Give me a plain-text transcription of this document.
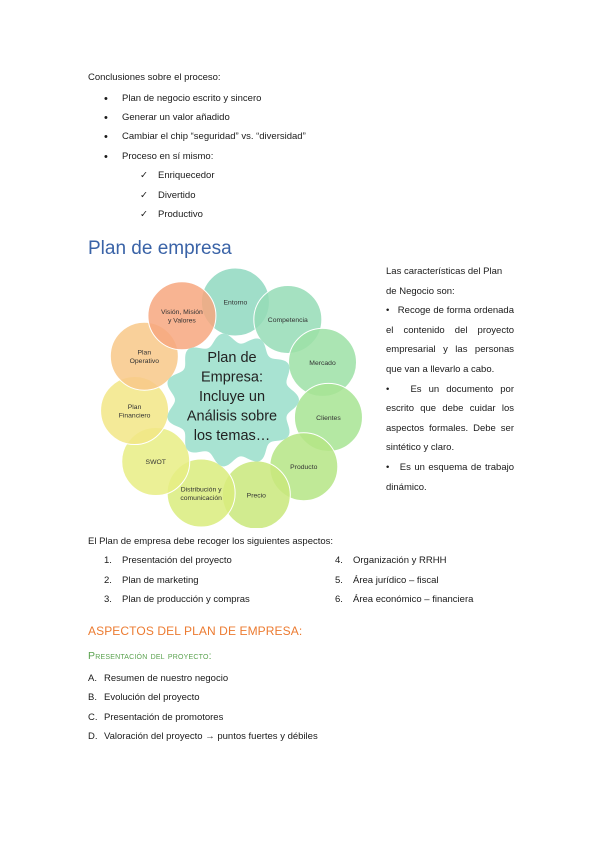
Conclusiones sobre el proceso:
• Plan de negocio escrito y sincero
• Generar un valor añadido
• Cambiar el chip “seguridad” vs. “diversidad”
• Proceso en sí mismo:
✓ Enriquecedor
✓ Divertido
✓ Productivo
Plan de empresa
Plan de
Empresa:
Incluye un
Análisis sobre
los temas…
Entorno
Competencia
Mercado
Clientes
Producto
Precio
Distribución y
comunicación
SWOT
Plan
Financiero
Plan
Operativo
Visión, Misión
y Valores

Las características del Plan de Negocio son:

• Recoge de forma ordenada el contenido del proyecto empresarial y las personas que van a llevarlo a cabo.

• Es un documento por escrito que debe cuidar los aspectos formales. Debe ser sintético y claro.

• Es un esquema de trabajo dinámico.

El Plan de empresa debe recoger los siguientes aspectos:
1. Presentación del proyecto
2. Plan de marketing
3. Plan de producción y compras
4. Organización y RRHH
5. Área jurídico – fiscal
6. Área económico – financiera
ASPECTOS DEL PLAN DE EMPRESA:
Presentación del proyecto:
A. Resumen de nuestro negocio
B. Evolución del proyecto
C. Presentación de promotores
D. Valoración del proyecto → puntos fuertes y débiles
